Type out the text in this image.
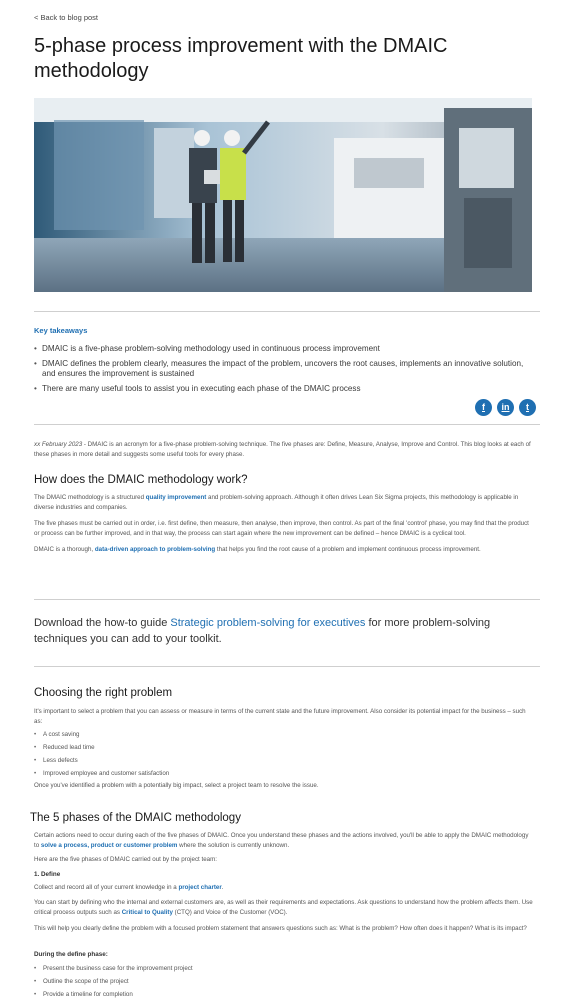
< Back to blog post
5-phase process improvement with the DMAIC methodology
Key takeaways
• DMAIC is a five-phase problem-solving methodology used in continuous process improvement
• DMAIC defines the problem clearly, measures the impact of the problem, uncovers the root causes, implements an innovative solution, and ensures the improvement is sustained
• There are many useful tools to assist you in executing each phase of the DMAIC process
f	in	t

xx February 2023 - DMAIC is an acronym for a five-phase problem-solving technique. The five phases are: Define, Measure, Analyse, Improve and Control. This blog looks at each of these phases in more detail and suggests some useful tools for every phase.

How does the DMAIC methodology work?

The DMAIC methodology is a structured quality improvement and problem-solving approach. Although it often drives Lean Six Sigma projects, this methodology is applicable in diverse industries and companies.

The five phases must be carried out in order, i.e. first define, then measure, then analyse, then improve, then control. As part of the final 'control' phase, you may find that the product or process can be further improved, and in that way, the process can start again where the new improvement can be defined – hence DMAIC is a cyclical tool.

DMAIC is a thorough, data-driven approach to problem-solving that helps you find the root cause of a problem and implement continuous process improvement.

Download the how-to guide Strategic problem-solving for executives for more problem-solving techniques you can add to your toolkit.

Choosing the right problem

It's important to select a problem that you can assess or measure in terms of the current state and the future improvement. Also consider its potential impact for the business – such as:

• A cost saving
• Reduced lead time
• Less defects
• Improved employee and customer satisfaction

Once you've identified a problem with a potentially big impact, select a project team to resolve the issue.

The 5 phases of the DMAIC methodology

Certain actions need to occur during each of the five phases of DMAIC. Once you understand these phases and the actions involved, you'll be able to apply the DMAIC methodology to solve a process, product or customer problem where the solution is currently unknown.

Here are the five phases of DMAIC carried out by the project team:

1. Define

Collect and record all of your current knowledge in a project charter.

You can start by defining who the internal and external customers are, as well as their requirements and expectations. Ask questions to understand how the problem affects them. Use critical process outputs such as Critical to Quality (CTQ) and Voice of the Customer (VOC).

This will help you clearly define the problem with a focused problem statement that answers questions such as: What is the problem? How often does it happen? What is its impact?

During the define phase:
• Present the business case for the improvement project
• Outline the scope of the project
• Provide a timeline for completion
